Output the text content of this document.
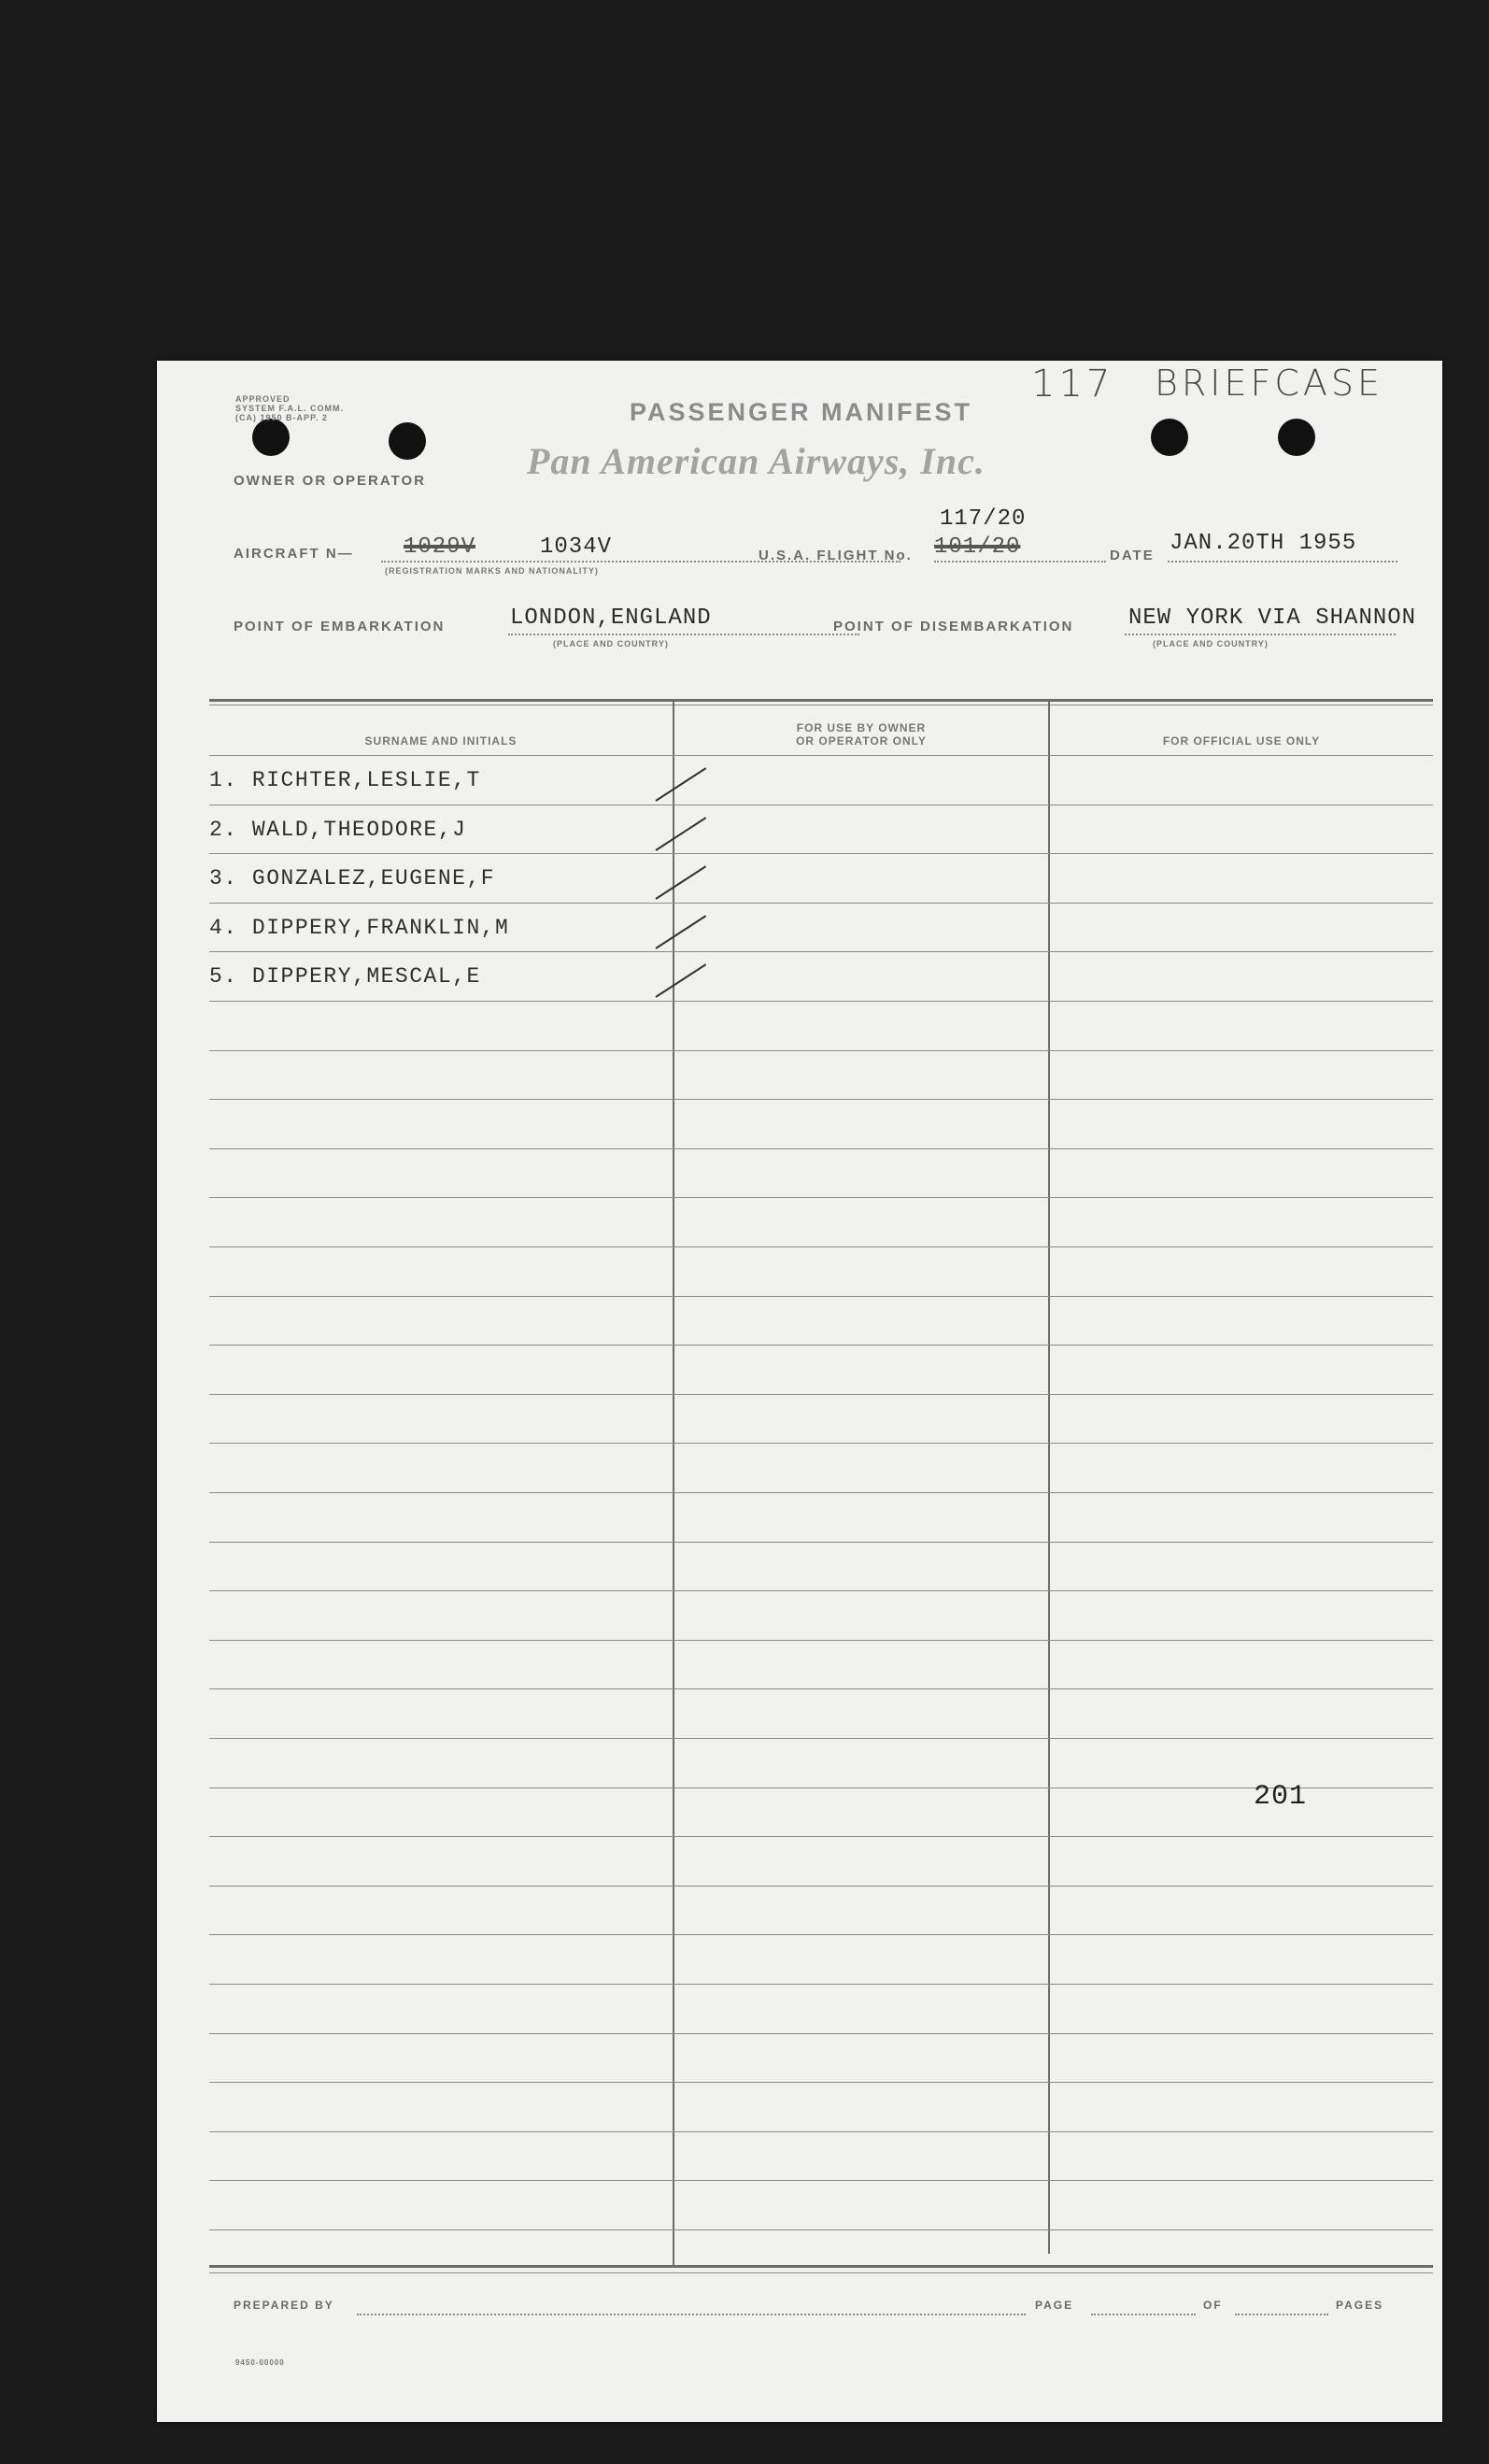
APPROVED
SYSTEM F.A.L. COMM.
(CA) 1950 B-APP. 2	PASSENGER MANIFEST
Pan American Airways, Inc.
117 BRIEFCASE
OWNER OR OPERATOR
AIRCRAFT N— 1029V	1034V
(REGISTRATION MARKS AND NATIONALITY)
U.S.A. FLIGHT No.
117/20
101/20	DATE JAN.20TH 1955
POINT OF EMBARKATION	LONDON,ENGLAND
(PLACE AND COUNTRY)
POINT OF DISEMBARKATION NEW YORK VIA SHANNON
(PLACE AND COUNTRY)
SURNAME AND INITIALS
FOR USE BY OWNER
OR OPERATOR ONLY	FOR OFFICIAL USE ONLY
1. RICHTER,LESLIE,T
2. WALD,THEODORE,J
3. GONZALEZ,EUGENE,F
4. DIPPERY,FRANKLIN,M
5. DIPPERY,MESCAL,E
201
PREPARED BY	PAGE	OF	PAGES
9450-00000
